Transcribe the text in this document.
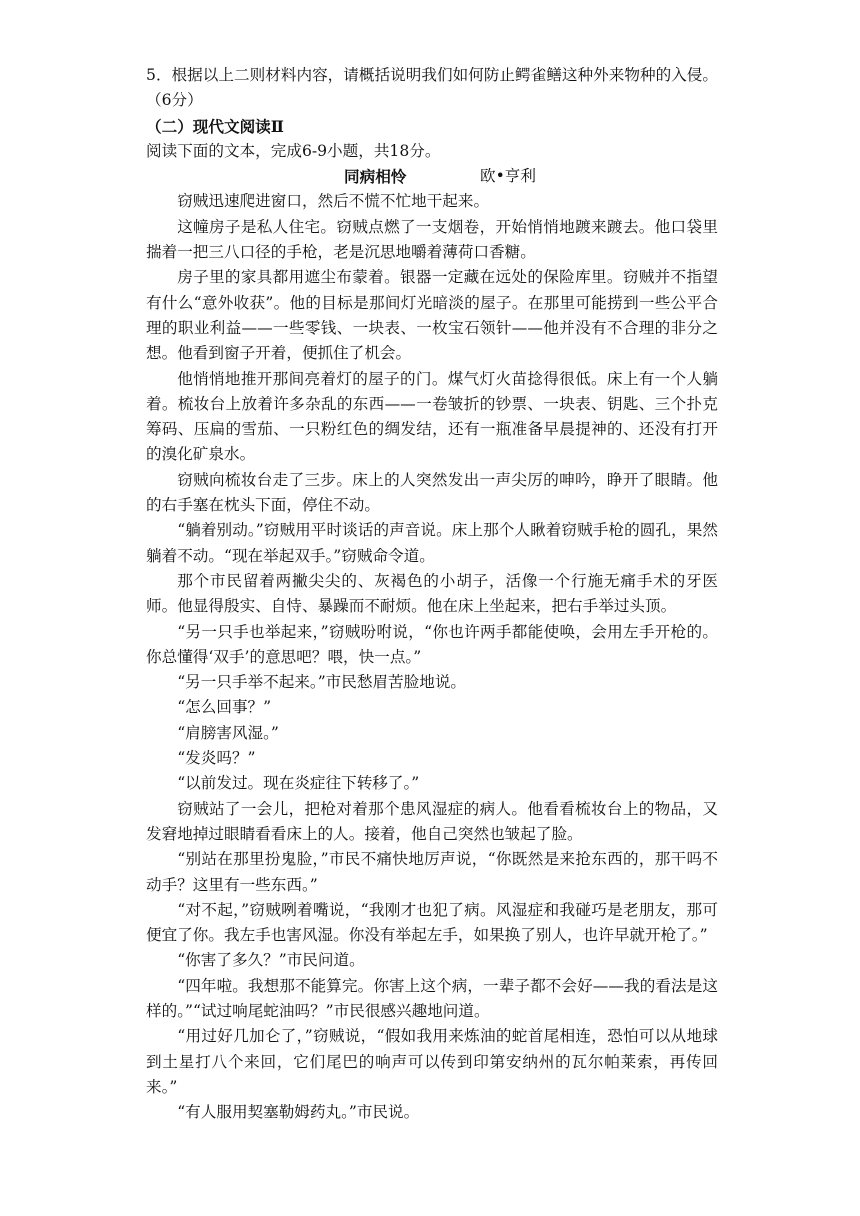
5．根据以上二则材料内容，请概括说明我们如何防止鳄雀鳝这种外来物种的入侵。（6分）

（二）现代文阅读Ⅱ

阅读下面的文本，完成6-9小题，共18分。

同病相怜	欧•亨利

窃贼迅速爬进窗口，然后不慌不忙地干起来。

这幢房子是私人住宅。窃贼点燃了一支烟卷，开始悄悄地踱来踱去。他口袋里揣着一把三八口径的手枪，老是沉思地嚼着薄荷口香糖。

房子里的家具都用遮尘布蒙着。银器一定藏在远处的保险库里。窃贼并不指望有什么“意外收获”。他的目标是那间灯光暗淡的屋子。在那里可能捞到一些公平合理的职业利益——一些零钱、一块表、一枚宝石领针——他并没有不合理的非分之想。他看到窗子开着，便抓住了机会。

他悄悄地推开那间亮着灯的屋子的门。煤气灯火苗捻得很低。床上有一个人躺着。梳妆台上放着许多杂乱的东西——一卷皱折的钞票、一块表、钥匙、三个扑克筹码、压扁的雪茄、一只粉红色的绸发结，还有一瓶准备早晨提神的、还没有打开的溴化矿泉水。

窃贼向梳妆台走了三步。床上的人突然发出一声尖厉的呻吟，睁开了眼睛。他的右手塞在枕头下面，停住不动。

“躺着别动。”窃贼用平时谈话的声音说。床上那个人瞅着窃贼手枪的圆孔，果然躺着不动。“现在举起双手。”窃贼命令道。

那个市民留着两撇尖尖的、灰褐色的小胡子，活像一个行施无痛手术的牙医师。他显得殷实、自恃、暴躁而不耐烦。他在床上坐起来，把右手举过头顶。

“另一只手也举起来，”窃贼吩咐说，“你也许两手都能使唤，会用左手开枪的。你总懂得‘双手’的意思吧？喂，快一点。”

“另一只手举不起来。”市民愁眉苦脸地说。

“怎么回事？”

“肩膀害风湿。”

“发炎吗？”

“以前发过。现在炎症往下转移了。”

窃贼站了一会儿，把枪对着那个患风湿症的病人。他看看梳妆台上的物品，又发窘地掉过眼睛看看床上的人。接着，他自己突然也皱起了脸。

“别站在那里扮鬼脸，”市民不痛快地厉声说，“你既然是来抢东西的，那干吗不动手？这里有一些东西。”

“对不起，”窃贼咧着嘴说，“我刚才也犯了病。风湿症和我碰巧是老朋友，那可便宜了你。我左手也害风湿。你没有举起左手，如果换了别人，也许早就开枪了。”

“你害了多久？”市民问道。

“四年啦。我想那不能算完。你害上这个病，一辈子都不会好——我的看法是这样的。”“试过响尾蛇油吗？”市民很感兴趣地问道。

“用过好几加仑了，”窃贼说，“假如我用来炼油的蛇首尾相连，恐怕可以从地球到土星打八个来回，它们尾巴的响声可以传到印第安纳州的瓦尔帕莱索，再传回来。”

“有人服用契塞勒姆药丸。”市民说。
